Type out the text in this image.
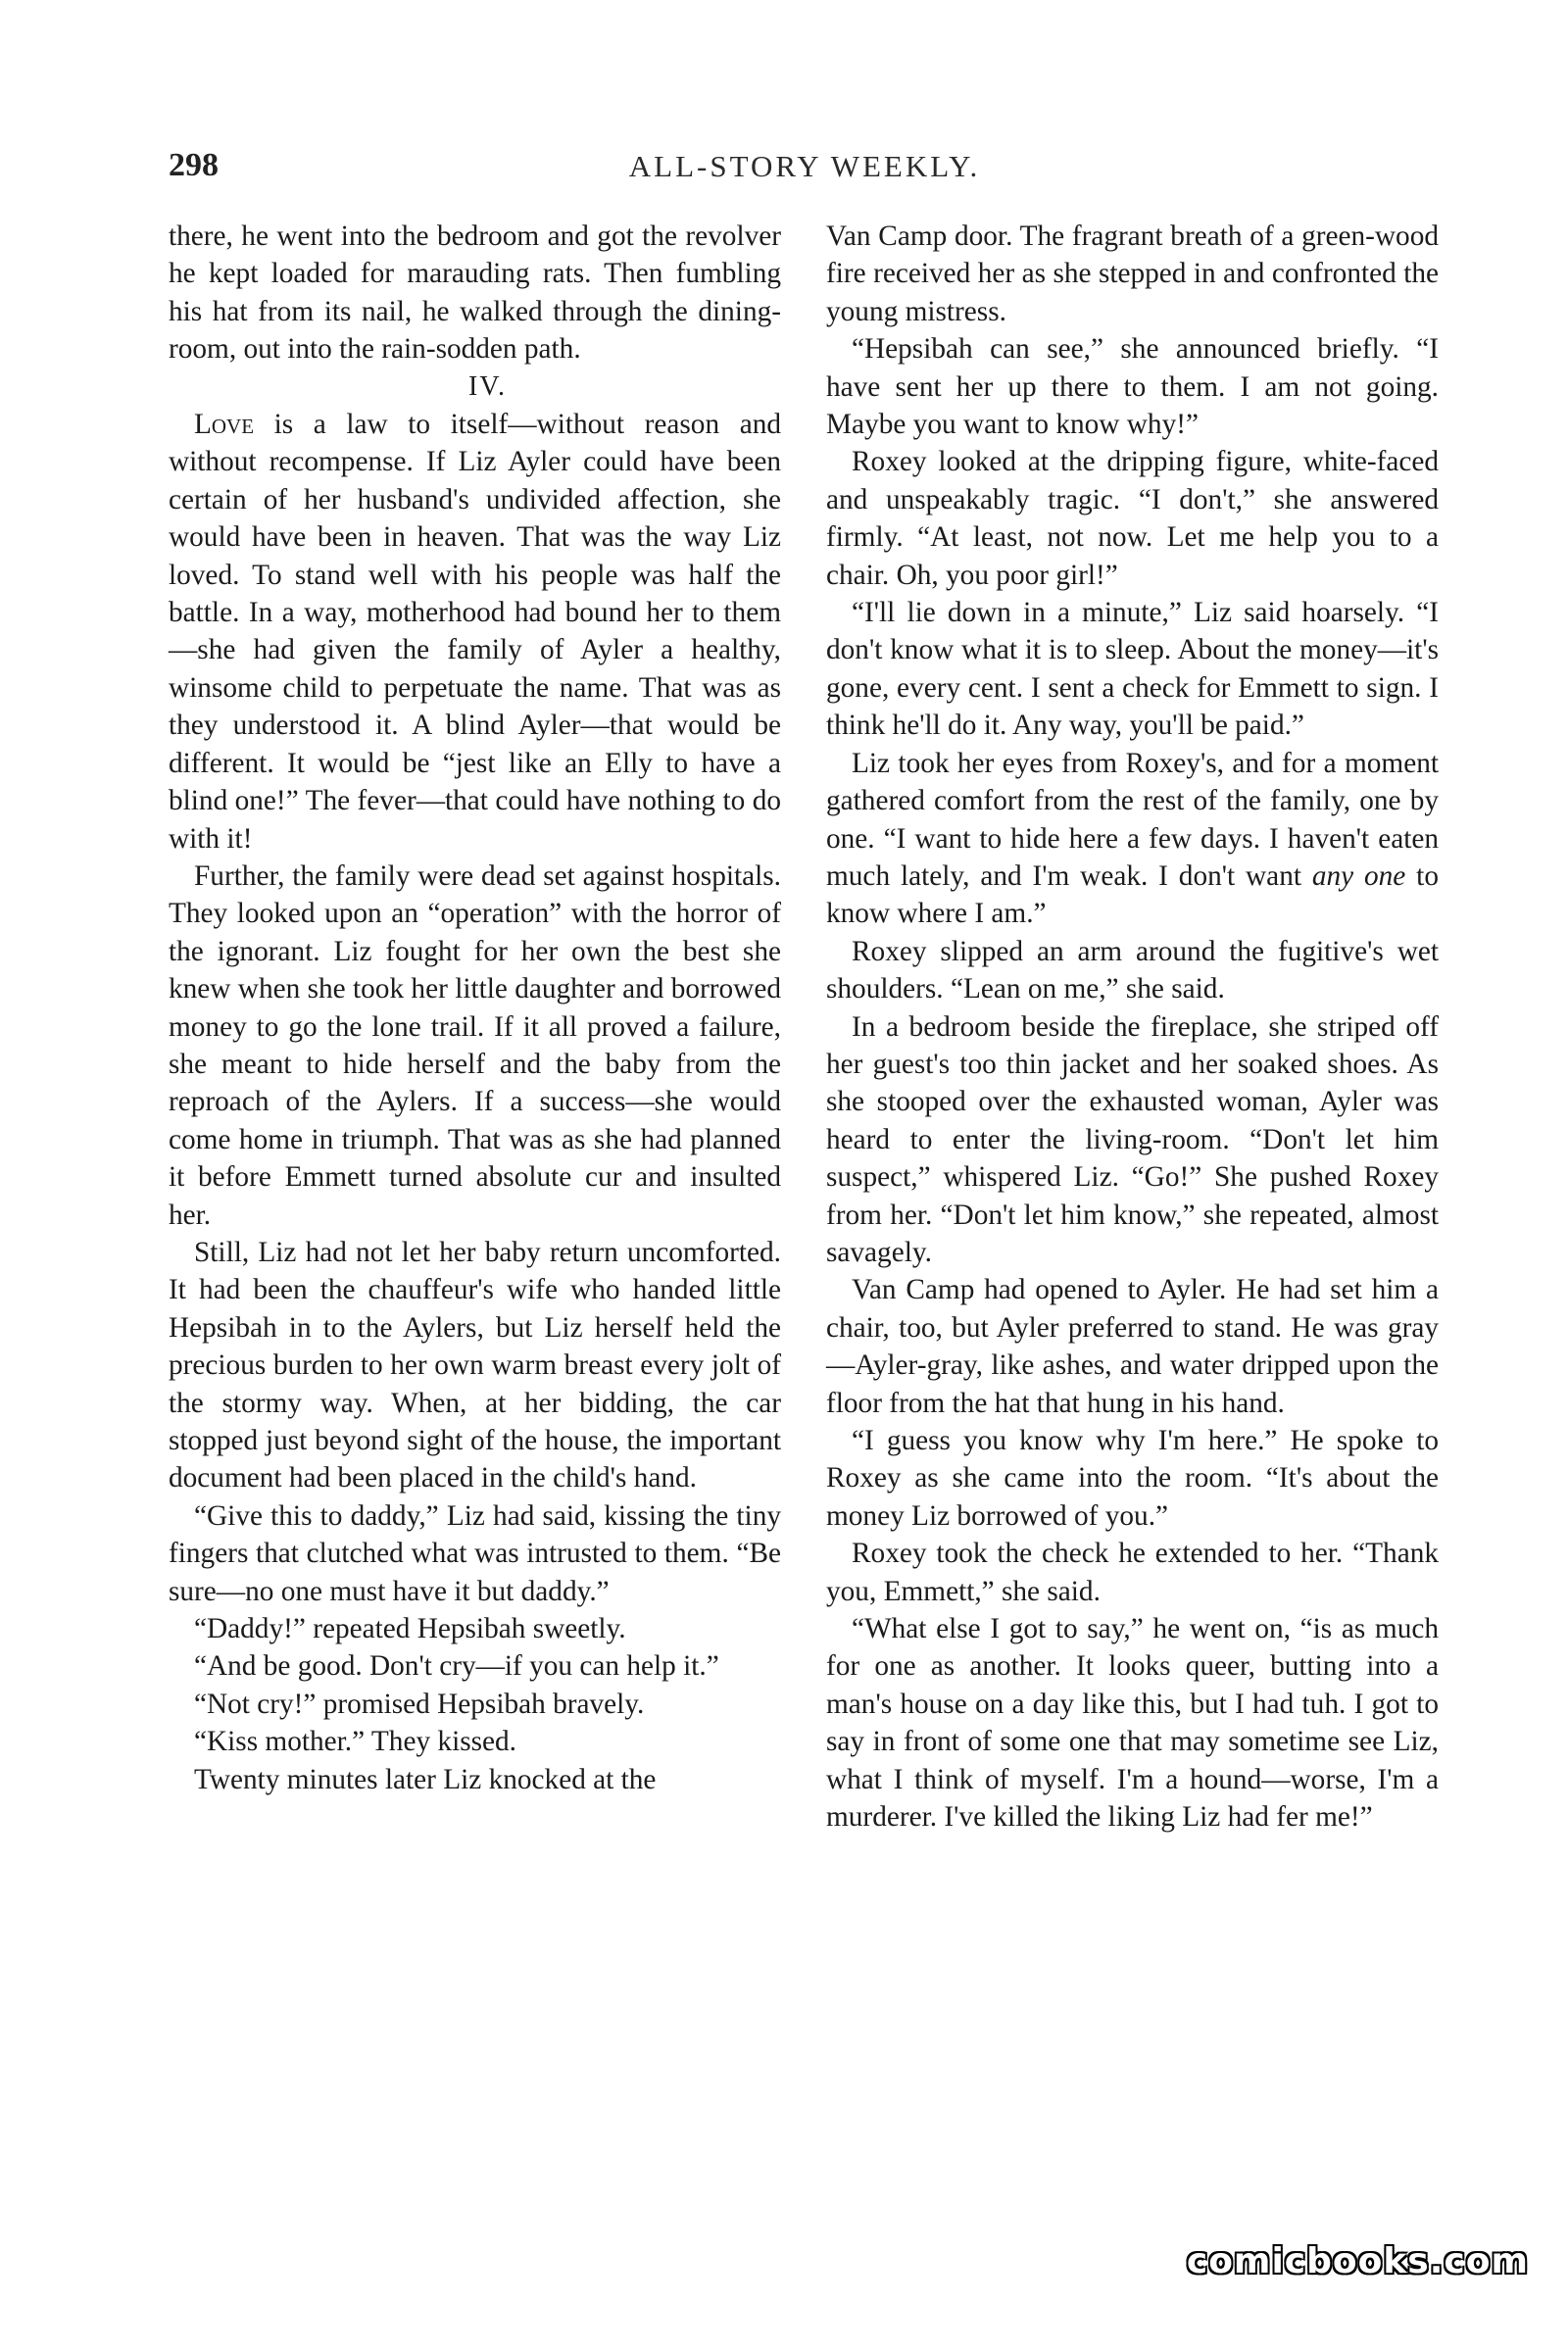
298	ALL-STORY WEEKLY.

there, he went into the bedroom and got the revolver he kept loaded for marauding rats. Then fumbling his hat from its nail, he walked through the dining-room, out into the rain-sodden path.

IV.

Love is a law to itself—without reason and without recompense. If Liz Ayler could have been certain of her husband's undivided affection, she would have been in heaven. That was the way Liz loved. To stand well with his people was half the battle. In a way, motherhood had bound her to them—she had given the family of Ayler a healthy, winsome child to perpetuate the name. That was as they understood it. A blind Ayler—that would be different. It would be “jest like an Elly to have a blind one!” The fever—that could have nothing to do with it!

Further, the family were dead set against hospitals. They looked upon an “operation” with the horror of the ignorant. Liz fought for her own the best she knew when she took her little daughter and borrowed money to go the lone trail. If it all proved a failure, she meant to hide herself and the baby from the reproach of the Aylers. If a success—she would come home in triumph. That was as she had planned it before Emmett turned absolute cur and insulted her.

Still, Liz had not let her baby return uncomforted. It had been the chauffeur's wife who handed little Hepsibah in to the Aylers, but Liz herself held the precious burden to her own warm breast every jolt of the stormy way. When, at her bidding, the car stopped just beyond sight of the house, the important document had been placed in the child's hand.

“Give this to daddy,” Liz had said, kissing the tiny fingers that clutched what was intrusted to them. “Be sure—no one must have it but daddy.”

“Daddy!” repeated Hepsibah sweetly.

“And be good. Don't cry—if you can help it.”

“Not cry!” promised Hepsibah bravely.

“Kiss mother.” They kissed.

Twenty minutes later Liz knocked at the

Van Camp door. The fragrant breath of a green-wood fire received her as she stepped in and confronted the young mistress.

“Hepsibah can see,” she announced briefly. “I have sent her up there to them. I am not going. Maybe you want to know why!”

Roxey looked at the dripping figure, white-faced and unspeakably tragic. “I don't,” she answered firmly. “At least, not now. Let me help you to a chair. Oh, you poor girl!”

“I'll lie down in a minute,” Liz said hoarsely. “I don't know what it is to sleep. About the money—it's gone, every cent. I sent a check for Emmett to sign. I think he'll do it. Any way, you'll be paid.”

Liz took her eyes from Roxey's, and for a moment gathered comfort from the rest of the family, one by one. “I want to hide here a few days. I haven't eaten much lately, and I'm weak. I don't want any one to know where I am.”

Roxey slipped an arm around the fugitive's wet shoulders. “Lean on me,” she said.

In a bedroom beside the fireplace, she striped off her guest's too thin jacket and her soaked shoes. As she stooped over the exhausted woman, Ayler was heard to enter the living-room. “Don't let him suspect,” whispered Liz. “Go!” She pushed Roxey from her. “Don't let him know,” she repeated, almost savagely.

Van Camp had opened to Ayler. He had set him a chair, too, but Ayler preferred to stand. He was gray—Ayler-gray, like ashes, and water dripped upon the floor from the hat that hung in his hand.

“I guess you know why I'm here.” He spoke to Roxey as she came into the room. “It's about the money Liz borrowed of you.”

Roxey took the check he extended to her. “Thank you, Emmett,” she said.

“What else I got to say,” he went on, “is as much for one as another. It looks queer, butting into a man's house on a day like this, but I had tuh. I got to say in front of some one that may sometime see Liz, what I think of myself. I'm a hound—worse, I'm a murderer. I've killed the liking Liz had fer me!”

comicbooks.com
